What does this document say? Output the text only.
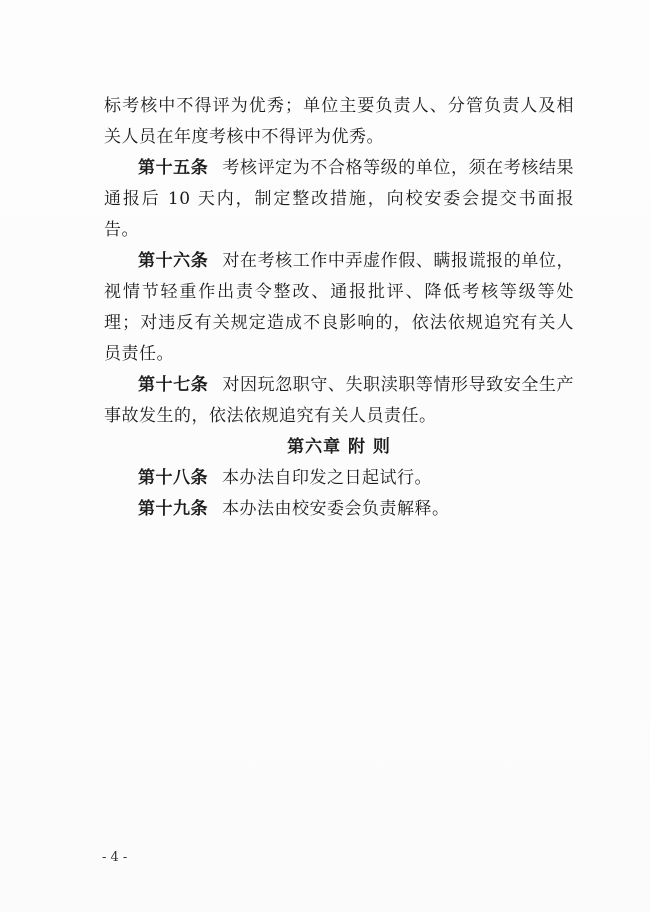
标考核中不得评为优秀；单位主要负责人、分管负责人及相关人员在年度考核中不得评为优秀。

第十五条 考核评定为不合格等级的单位，须在考核结果通报后 10 天内，制定整改措施，向校安委会提交书面报告。

第十六条 对在考核工作中弄虚作假、瞒报谎报的单位，视情节轻重作出责令整改、通报批评、降低考核等级等处理；对违反有关规定造成不良影响的，依法依规追究有关人员责任。

第十七条 对因玩忽职守、失职渎职等情形导致安全生产事故发生的，依法依规追究有关人员责任。

第六章 附 则

第十八条 本办法自印发之日起试行。

第十九条 本办法由校安委会负责解释。

- 4 -
